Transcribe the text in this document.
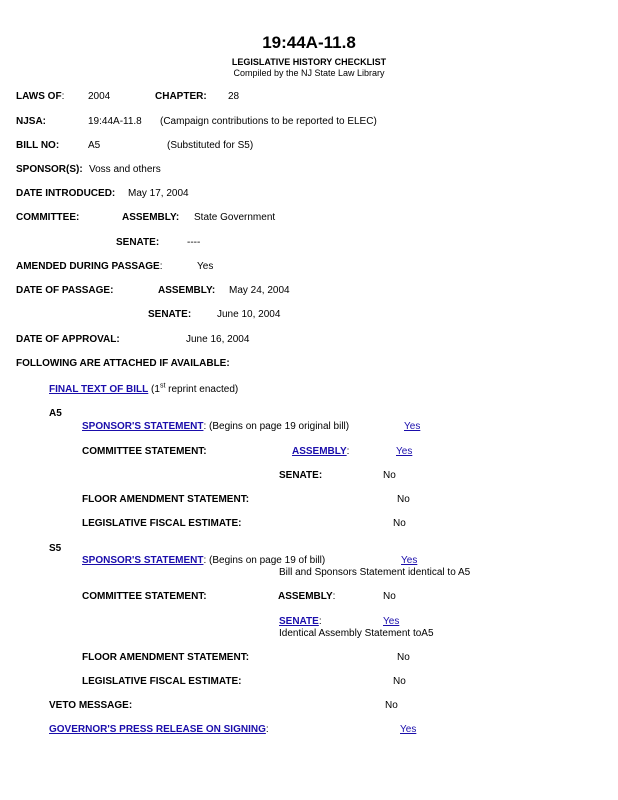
19:44A-11.8
LEGISLATIVE HISTORY CHECKLIST
Compiled by the NJ State Law Library
LAWS OF: 2004	CHAPTER: 28
NJSA:	19:44A-11.8 (Campaign contributions to be reported to ELEC)
BILL NO:	A5	(Substituted for S5)
SPONSOR(S): Voss and others
DATE INTRODUCED: May 17, 2004
COMMITTEE:	ASSEMBLY: State Government
SENATE:	----
AMENDED DURING PASSAGE:	Yes
DATE OF PASSAGE:	ASSEMBLY: May 24, 2004
SENATE:	June 10, 2004
DATE OF APPROVAL:	June 16, 2004
FOLLOWING ARE ATTACHED IF AVAILABLE:
FINAL TEXT OF BILL (1st reprint enacted)
A5
SPONSOR'S STATEMENT: (Begins on page 19 original bill)	Yes
COMMITTEE STATEMENT:	ASSEMBLY:	Yes
SENATE:	No
FLOOR AMENDMENT STATEMENT:	No
LEGISLATIVE FISCAL ESTIMATE:	No
S5
SPONSOR'S STATEMENT: (Begins on page 19 of bill)	Yes
Bill and Sponsors Statement identical to A5
COMMITTEE STATEMENT:	ASSEMBLY:	No
SENATE:	Yes
Identical Assembly Statement toA5
FLOOR AMENDMENT STATEMENT:	No
LEGISLATIVE FISCAL ESTIMATE:	No
VETO MESSAGE:	No
GOVERNOR'S PRESS RELEASE ON SIGNING:	Yes
